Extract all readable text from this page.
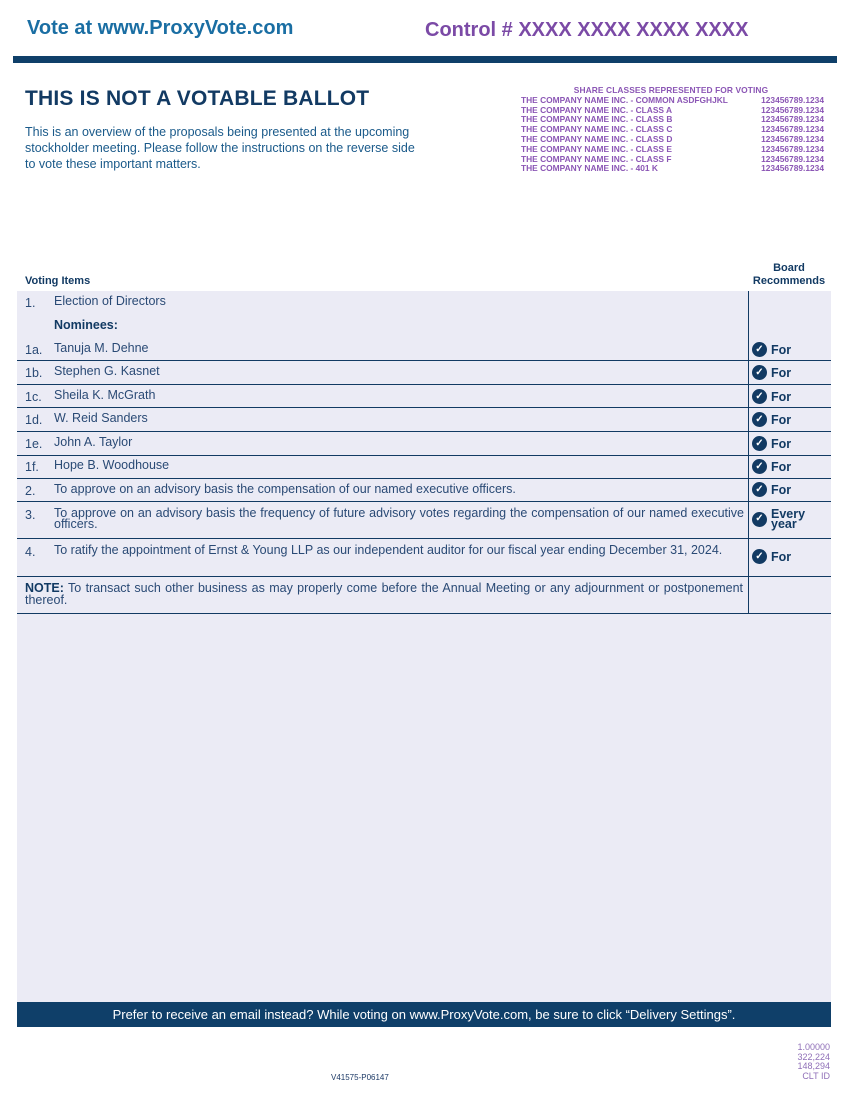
Vote at www.ProxyVote.com	Control # XXXX XXXX XXXX XXXX
THIS IS NOT A VOTABLE BALLOT
This is an overview of the proposals being presented at the upcoming stockholder meeting. Please follow the instructions on the reverse side to vote these important matters.
SHARE CLASSES REPRESENTED FOR VOTING
THE COMPANY NAME INC. - COMMON ASDFGHJKL	123456789.1234
THE COMPANY NAME INC. - CLASS A	123456789.1234
THE COMPANY NAME INC. - CLASS B	123456789.1234
THE COMPANY NAME INC. - CLASS C	123456789.1234
THE COMPANY NAME INC. - CLASS D	123456789.1234
THE COMPANY NAME INC. - CLASS E	123456789.1234
THE COMPANY NAME INC. - CLASS F	123456789.1234
THE COMPANY NAME INC. - 401 K	123456789.1234
Voting Items
Board
Recommends
1. Election of Directors
Nominees:
1a. Tanuja M. Dehne	✓ For
1b. Stephen G. Kasnet	✓ For
1c. Sheila K. McGrath	✓ For
1d. W. Reid Sanders	✓ For
1e. John A. Taylor	✓ For
1f. Hope B. Woodhouse	✓ For
2. To approve on an advisory basis the compensation of our named executive officers.	✓ For
3. To approve on an advisory basis the frequency of future advisory votes regarding the compensation of our named executive officers.	✓ Every year
4. To ratify the appointment of Ernst & Young LLP as our independent auditor for our fiscal year ending December 31, 2024.	✓ For
NOTE: To transact such other business as may properly come before the Annual Meeting or any adjournment or postponement thereof.
Prefer to receive an email instead? While voting on www.ProxyVote.com, be sure to click “Delivery Settings”.
V41575-P06147
1.00000
322,224
148,294
CLT ID
